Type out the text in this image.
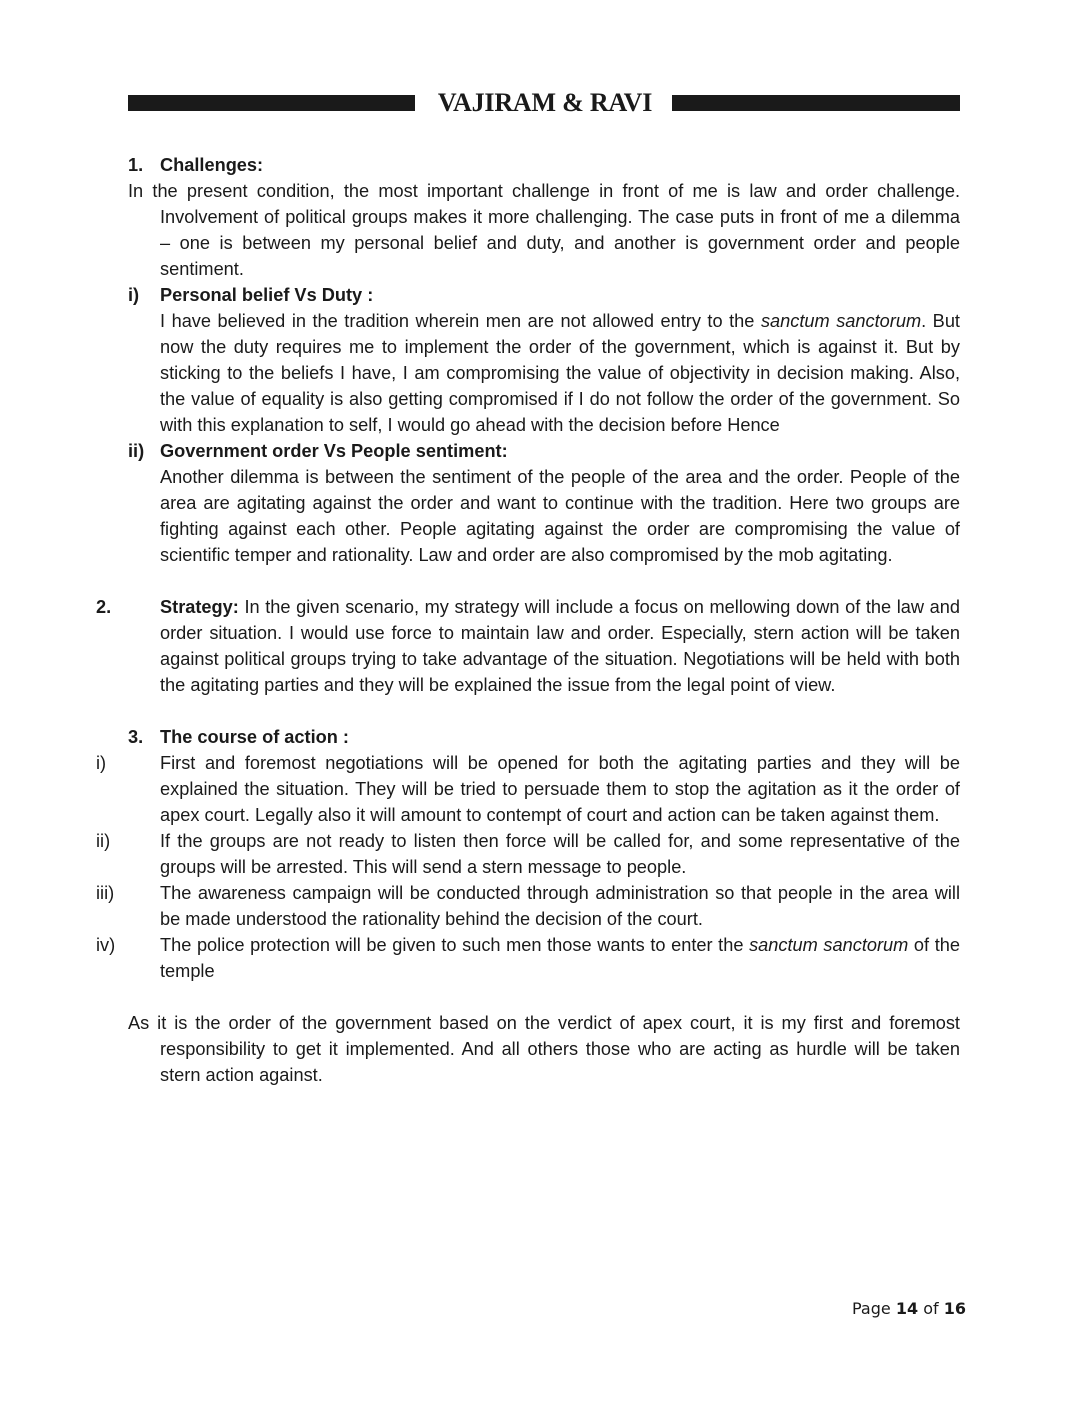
VAJIRAM & RAVI
1. Challenges:
In the present condition, the most important challenge in front of me is law and order challenge. Involvement of political groups makes it more challenging. The case puts in front of me a dilemma – one is between my personal belief and duty, and another is government order and people sentiment.
i) Personal belief Vs Duty :
I have believed in the tradition wherein men are not allowed entry to the sanctum sanctorum. But now the duty requires me to implement the order of the government, which is against it. But by sticking to the beliefs I have, I am compromising the value of objectivity in decision making. Also, the value of equality is also getting compromised if I do not follow the order of the government. So with this explanation to self, I would go ahead with the decision before Hence
ii) Government order Vs People sentiment:
Another dilemma is between the sentiment of the people of the area and the order. People of the area are agitating against the order and want to continue with the tradition. Here two groups are fighting against each other. People agitating against the order are compromising the value of scientific temper and rationality. Law and order are also compromised by the mob agitating.
2.	Strategy: In the given scenario, my strategy will include a focus on mellowing down of the law and order situation. I would use force to maintain law and order. Especially, stern action will be taken against political groups trying to take advantage of the situation. Negotiations will be held with both the agitating parties and they will be explained the issue from the legal point of view.
3. The course of action :
i)	First and foremost negotiations will be opened for both the agitating parties and they will be explained the situation. They will be tried to persuade them to stop the agitation as it the order of apex court. Legally also it will amount to contempt of court and action can be taken against them.
ii)	If the groups are not ready to listen then force will be called for, and some representative of the groups will be arrested. This will send a stern message to people.
iii)	The awareness campaign will be conducted through administration so that people in the area will be made understood the rationality behind the decision of the court.
iv) The police protection will be given to such men those wants to enter the sanctum sanctorum of the temple
As it is the order of the government based on the verdict of apex court, it is my first and foremost responsibility to get it implemented. And all others those who are acting as hurdle will be taken stern action against.
Page 14 of 16
